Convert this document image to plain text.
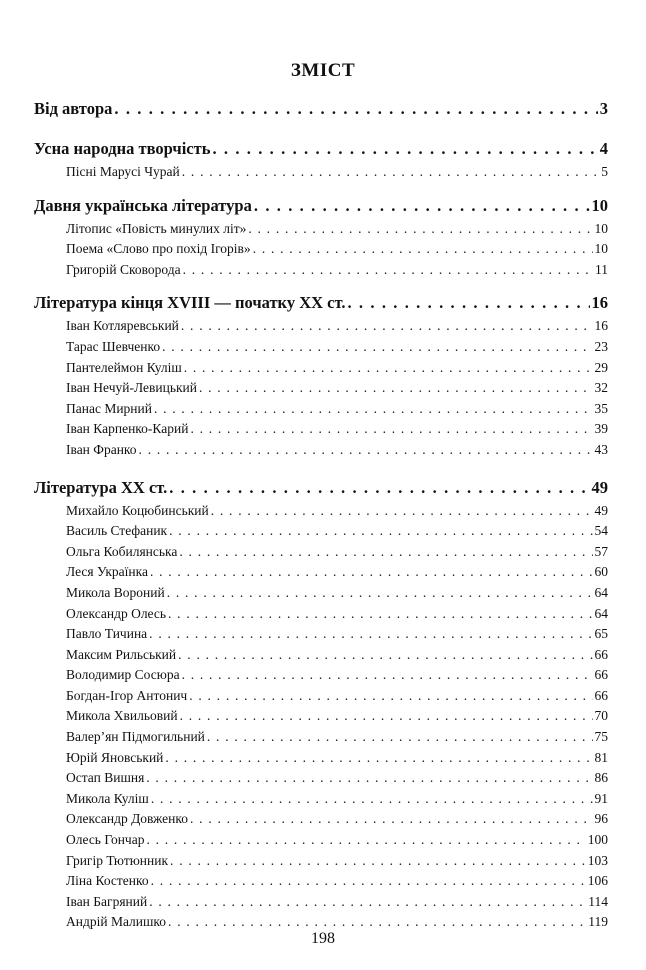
ЗМІСТ
Від автора . . .	3
Усна народна творчість . . .	4
Пісні Марусі Чурай . . .	5
Давня українська література . . .	10
Літопис «Повість минулих літ» . . .	10
Поема «Слово про похід Ігорів» . . .	10
Григорій Сковорода . . .	11
Література кінця XVIII — початку XX ст. . . .	16
Іван Котляревський . . .	16
Тарас Шевченко . . .	23
Пантелеймон Куліш . . .	29
Іван Нечуй-Левицький . . .	32
Панас Мирний . . .	35
Іван Карпенко-Карий . . .	39
Іван Франко . . .	43
Література XX ст. . . .	49
Михайло Коцюбинський . . .	49
Василь Стефаник . . .	54
Ольга Кобилянська . . .	57
Леся Українка . . .	60
Микола Вороний . . .	64
Олександр Олесь . . .	64
Павло Тичина . . .	65
Максим Рильський . . .	66
Володимир Сосюра . . .	66
Богдан-Ігор Антонич . . .	66
Микола Хвильовий . . .	70
Валер’ян Підмогильний . . .	75
Юрій Яновський . . .	81
Остап Вишня . . .	86
Микола Куліш . . .	91
Олександр Довженко . . .	96
Олесь Гончар . . .	100
Григір Тютюнник . . .	103
Ліна Костенко . . .	106
Іван Багряний . . .	114
Андрій Малишко . . .	119
198
